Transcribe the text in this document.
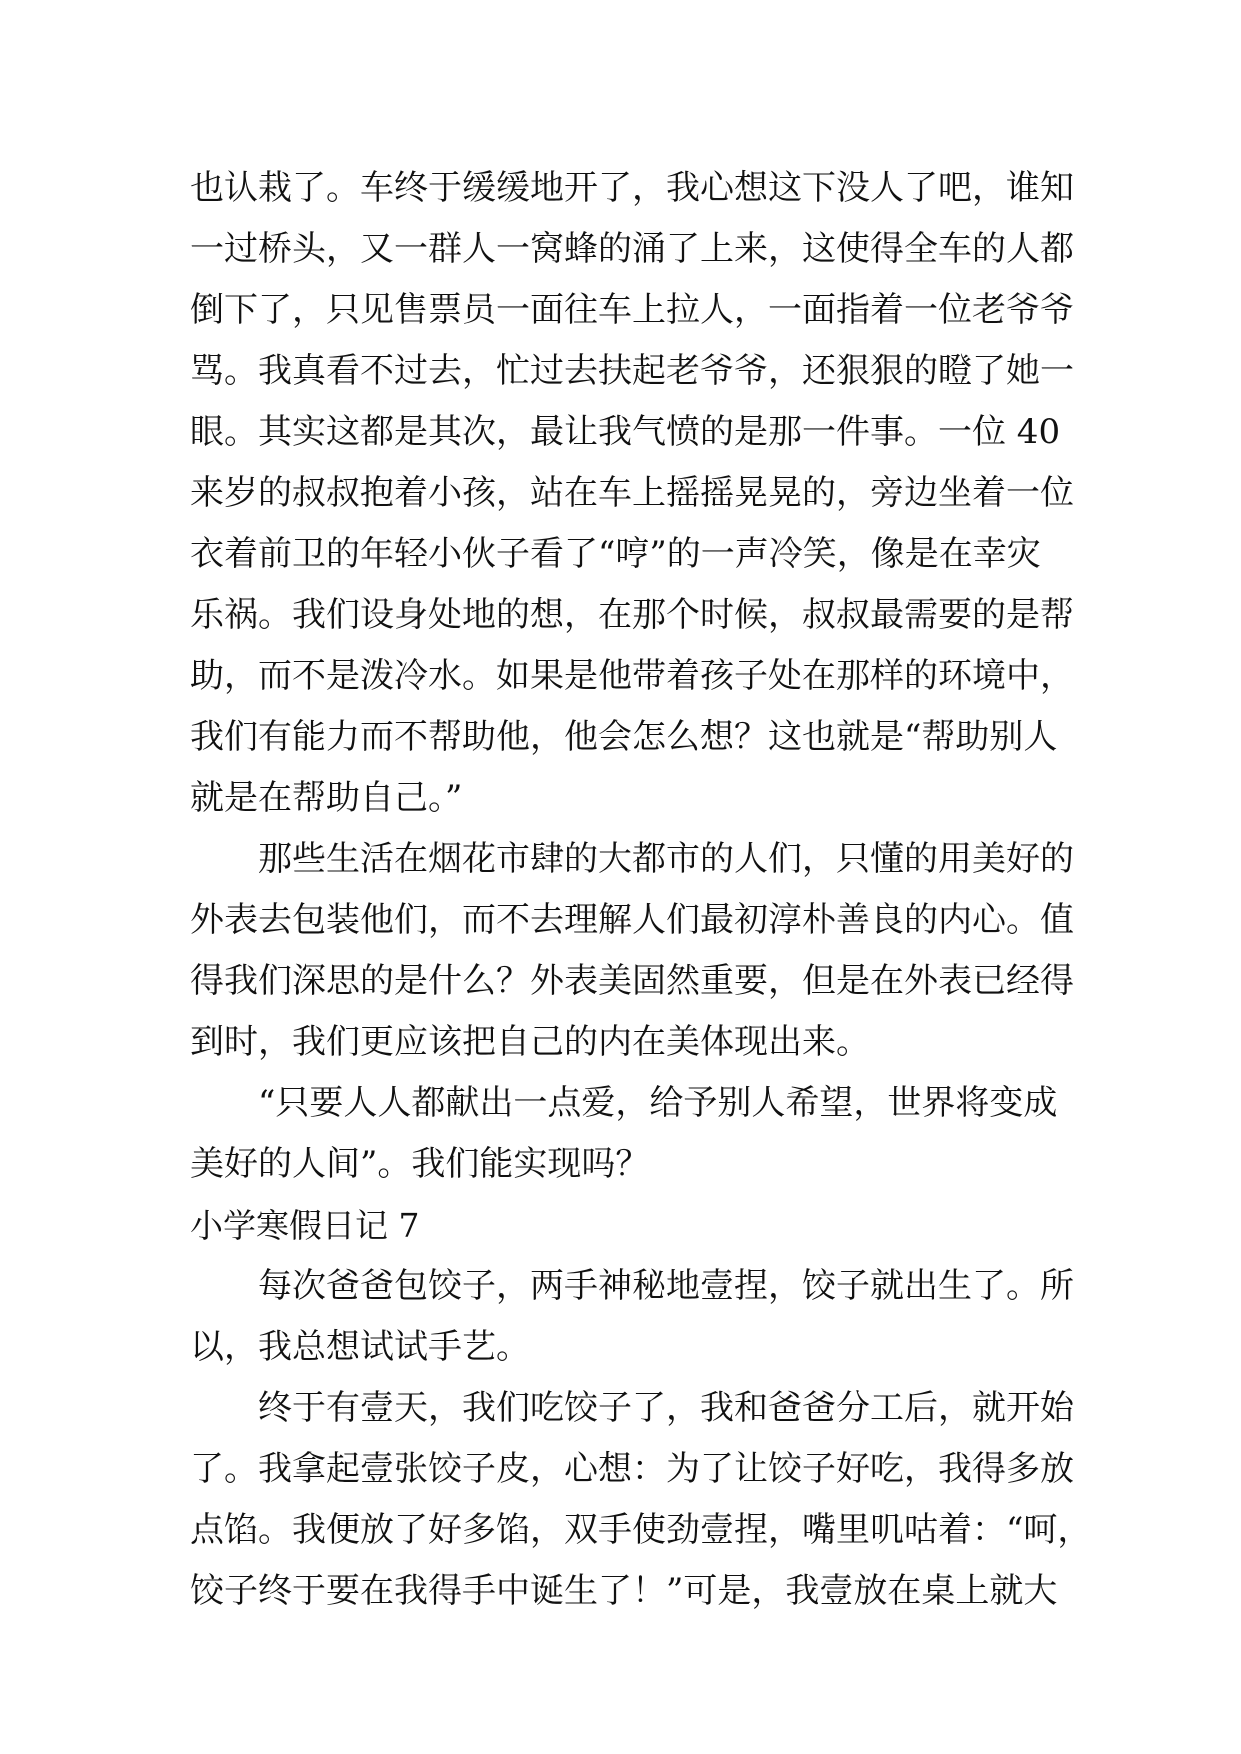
也认栽了。车终于缓缓地开了，我心想这下没人了吧，谁知
一过桥头，又一群人一窝蜂的涌了上来，这使得全车的人都
倒下了，只见售票员一面往车上拉人，一面指着一位老爷爷
骂。我真看不过去，忙过去扶起老爷爷，还狠狠的瞪了她一
眼。其实这都是其次，最让我气愤的是那一件事。一位 40
来岁的叔叔抱着小孩，站在车上摇摇晃晃的，旁边坐着一位
衣着前卫的年轻小伙子看了“哼”的一声冷笑，像是在幸灾
乐祸。我们设身处地的想，在那个时候，叔叔最需要的是帮
助，而不是泼冷水。如果是他带着孩子处在那样的环境中，
我们有能力而不帮助他，他会怎么想？这也就是“帮助别人
就是在帮助自己。”
那些生活在烟花市肆的大都市的人们，只懂的用美好的
外表去包装他们，而不去理解人们最初淳朴善良的内心。值
得我们深思的是什么？外表美固然重要，但是在外表已经得
到时，我们更应该把自己的内在美体现出来。
“只要人人都献出一点爱，给予别人希望，世界将变成
美好的人间”。我们能实现吗？
小学寒假日记 7
每次爸爸包饺子，两手神秘地壹捏，饺子就出生了。所
以，我总想试试手艺。
终于有壹天，我们吃饺子了，我和爸爸分工后，就开始
了。我拿起壹张饺子皮，心想：为了让饺子好吃，我得多放
点馅。我便放了好多馅，双手使劲壹捏，嘴里叽咕着：“呵，
饺子终于要在我得手中诞生了！”可是，我壹放在桌上就大
